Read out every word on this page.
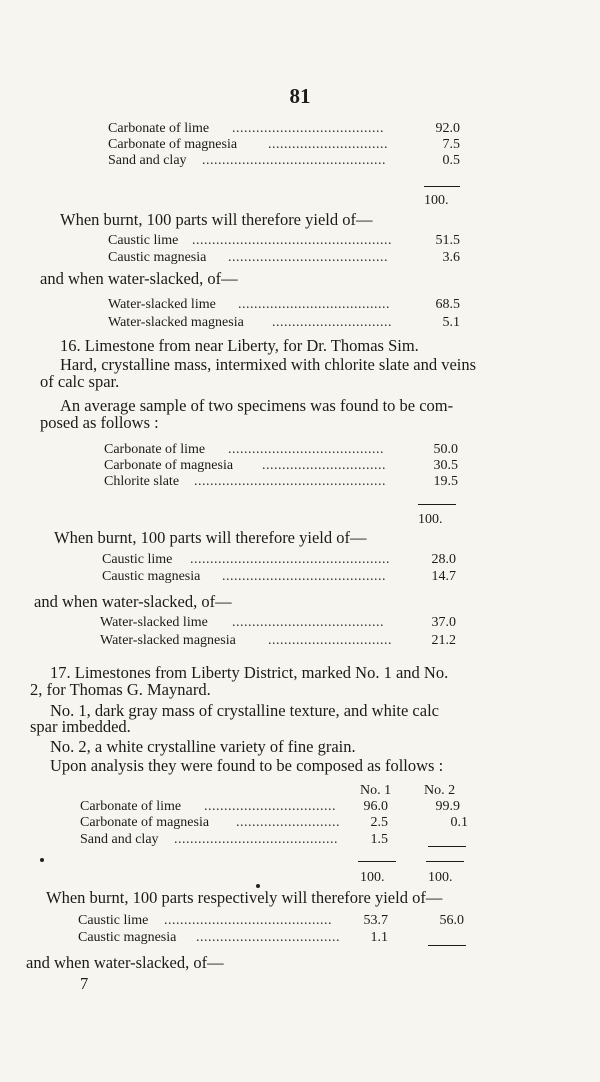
81
Carbonate of lime ......................................	92.0
Carbonate of magnesia ..............................	7.5
Sand and clay ..............................................	0.5
100.
When burnt, 100 parts will therefore yield of—
Caustic lime ..................................................	51.5
Caustic magnesia ........................................	3.6
and when water-slacked, of—
Water-slacked lime ......................................	68.5
Water-slacked magnesia ..............................	5.1
16. Limestone from near Liberty, for Dr. Thomas Sim.
Hard, crystalline mass, intermixed with chlorite slate and veins
of calc spar.
An average sample of two specimens was found to be com-
posed as follows :
Carbonate of lime .......................................	50.0
Carbonate of magnesia ...............................	30.5
Chlorite slate ................................................	19.5
100.
When burnt, 100 parts will therefore yield of—
Caustic lime ..................................................	28.0
Caustic magnesia .........................................	14.7
and when water-slacked, of—
Water-slacked lime ......................................	37.0
Water-slacked magnesia ...............................	21.2
17. Limestones from Liberty District, marked No. 1 and No.
2, for Thomas G. Maynard.
No. 1, dark gray mass of crystalline texture, and white calc
spar imbedded.
No. 2, a white crystalline variety of fine grain.
Upon analysis they were found to be composed as follows :
No. 1 No. 2
Carbonate of lime .................................	96.0	99.9
Carbonate of magnesia ..........................	2.5	0.1
Sand and clay .........................................	1.5
100.	100.
When burnt, 100 parts respectively will therefore yield of—
Caustic lime ..........................................	53.7	56.0
Caustic magnesia ....................................	1.1
and when water-slacked, of—
7
